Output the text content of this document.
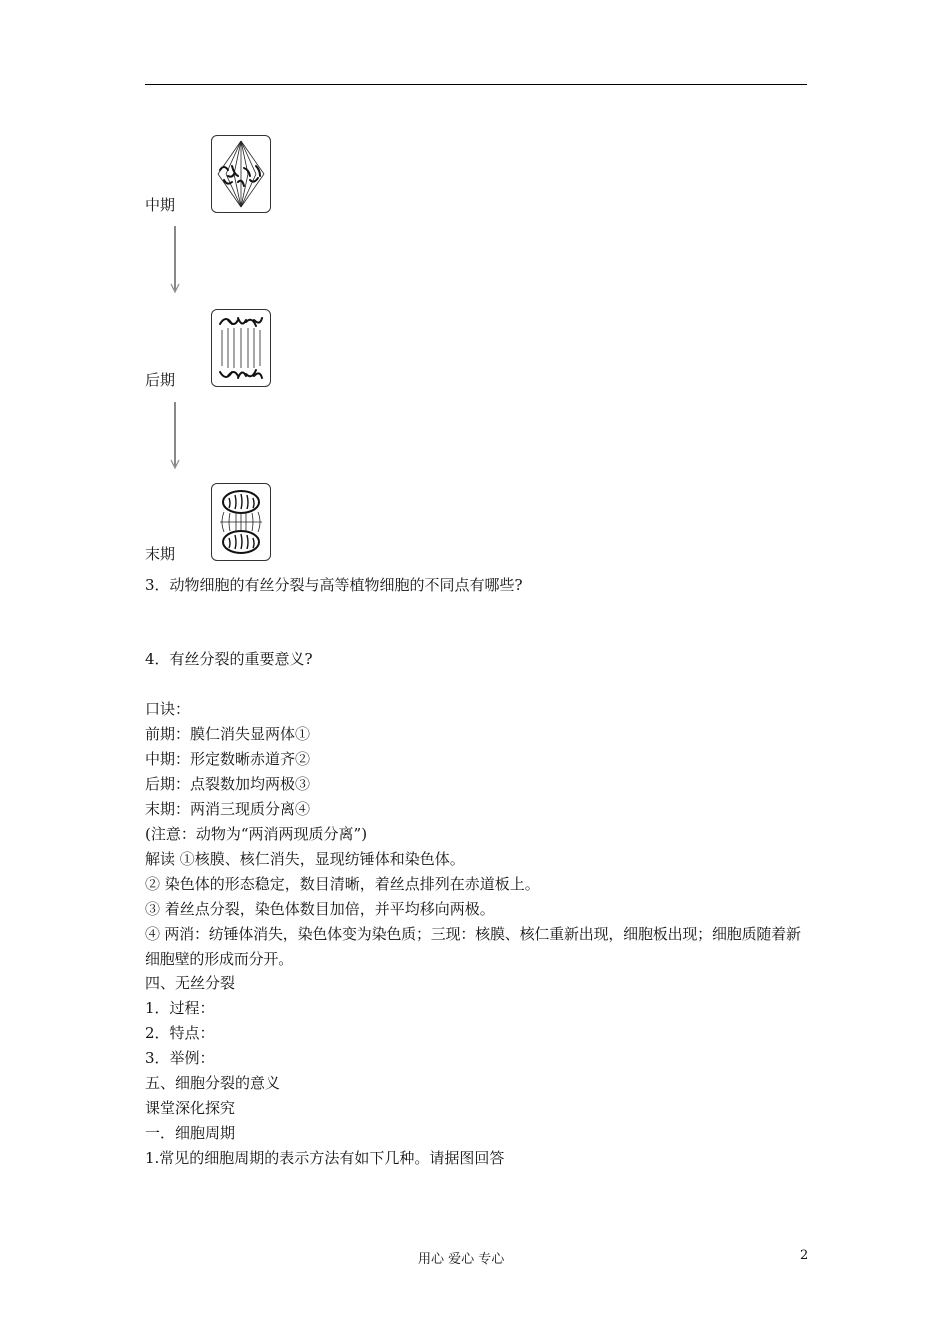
中期
后期
末期
3．动物细胞的有丝分裂与高等植物细胞的不同点有哪些?
4．有丝分裂的重要意义?
口诀：
前期：膜仁消失显两体①
中期：形定数晰赤道齐②
后期：点裂数加均两极③
末期：两消三现质分离④
(注意：动物为“两消两现质分离”)
解读 ①核膜、核仁消失，显现纺锤体和染色体。
② 染色体的形态稳定，数目清晰，着丝点排列在赤道板上。
③ 着丝点分裂，染色体数目加倍，并平均移向两极。
④ 两消：纺锤体消失，染色体变为染色质；三现：核膜、核仁重新出现，细胞板出现；细胞质随着新细胞壁的形成而分开。
四、无丝分裂
1．过程：
2．特点：
3．举例：
五、细胞分裂的意义
课堂深化探究
一．细胞周期
1.常见的细胞周期的表示方法有如下几种。请据图回答
用心 爱心 专心	2
